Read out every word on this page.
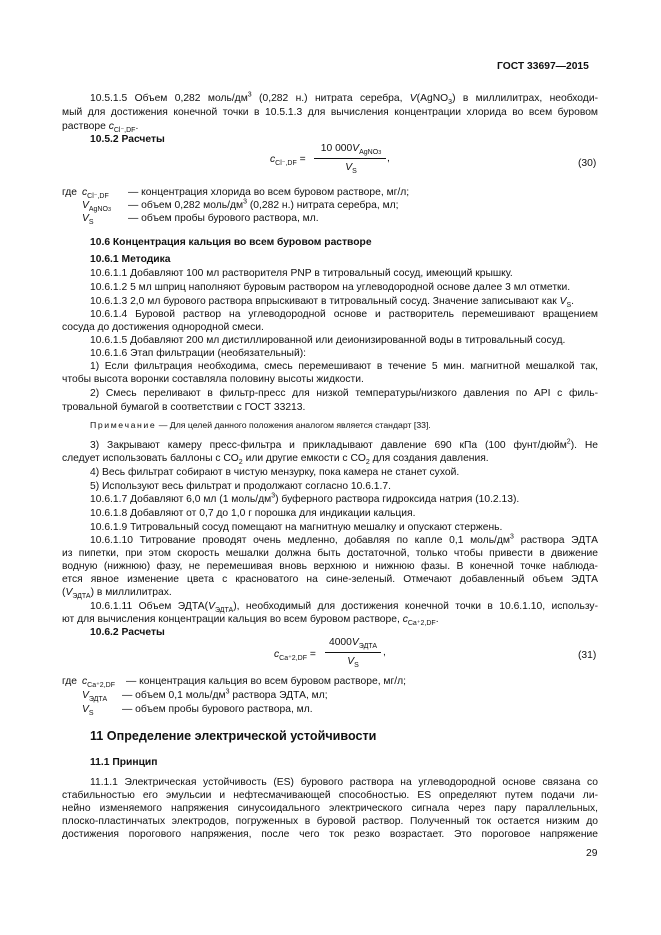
ГОСТ 33697—2015
10.5.1.5 Объем 0,282 моль/$дм^3$ (0,282 н.) нитрата серебра, V(AgNO$_3$) в миллилитрах, необходи-
мый для достижения конечной точки в 10.5.1.3 для вычисления концентрации хлорида во всем буровом
растворе $c_{Cl^-,DF}$.
10.5.2 Расчеты
$c_{Cl^-,DF}$ =
10 $000V_{AgNO3}$
$V_S$
,	(30)
где $c_{Cl^-,DF}$ — концентрация хлорида во всем буровом растворе, мг/л;
$V_{AgNO3}$ — объем 0,282 моль/$дм^3$ (0,282 н.) нитрата серебра, мл;
$V_S$	— объем пробы бурового раствора, мл.
10.6 Концентрация кальция во всем буровом растворе
10.6.1 Методика
10.6.1.1 Добавляют 100 мл растворителя PNP в титровальный сосуд, имеющий крышку.
10.6.1.2 5 мл шприц наполняют буровым раствором на углеводородной основе далее 3 мл отметки.
10.6.1.3 2,0 мл бурового раствора впрыскивают в титровальный сосуд. Значение записывают как $V_S$.
10.6.1.4 Буровой раствор на углеводородной основе и растворитель перемешивают вращением
сосуда до достижения однородной смеси.
10.6.1.5 Добавляют 200 мл дистиллированной или деионизированной воды в титровальный сосуд.
10.6.1.6 Этап фильтрации (необязательный):
1) Если фильтрация необходима, смесь перемешивают в течение 5 мин. магнитной мешалкой так,
чтобы высота воронки составляла половину высоты жидкости.
2) Смесь переливают в фильтр-пресс для низкой температуры/низкого давления по API с филь-
тровальной бумагой в соответствии с ГОСТ 33213.
Примечание — Для целей данного положения аналогом является стандарт [33].
3) Закрывают камеру пресс-фильтра и прикладывают давление 690 кПа (100 фунт/дюйм$^2$). Не
следует использовать баллоны с $CO_2$ или другие емкости с $CO_2$ для создания давления.
4) Весь фильтрат собирают в чистую мензурку, пока камера не станет сухой.
5) Используют весь фильтрат и продолжают согласно 10.6.1.7.
10.6.1.7 Добавляют 6,0 мл (1 моль/$дм^3$) буферного раствора гидроксида натрия (10.2.13).
10.6.1.8 Добавляют от 0,7 до 1,0 г порошка для индикации кальция.
10.6.1.9 Титровальный сосуд помещают на магнитную мешалку и опускают стержень.
10.6.1.10 Титрование проводят очень медленно, добавляя по капле 0,1 моль/$дм^3$ раствора ЭДТА
из пипетки, при этом скорость мешалки должна быть достаточной, только чтобы привести в движение
водную (нижнюю) фазу, не перемешивая вновь верхнюю и нижнюю фазы. В конечной точке наблюда-
ется явное изменение цвета с красноватого на сине-зеленый. Отмечают добавленный объем ЭДТА
$(V_{ЭДТА})$ в миллилитрах.
10.6.1.11 Объем $ЭДТА(V_{ЭДТА})$, необходимый для достижения конечной точки в 10.6.1.10, использу-
ют для вычисления концентрации кальция во всем буровом растворе, $c_{Ca^+2,DF}$.
10.6.2 Расчеты
$c_{Ca^+2,DF}$ =
$4000V_{ЭДТА}$
$V_S$
,	(31)
где $c_{Ca^+2,DF}$ — концентрация кальция во всем буровом растворе, мг/л;
$V_{ЭДТА}$ — объем 0,1 моль/$дм^3$ раствора ЭДТА, мл;
$V_S$	— объем пробы бурового раствора, мл.
11 Определение электрической устойчивости
11.1 Принцип
11.1.1 Электрическая устойчивость (ES) бурового раствора на углеводородной основе связана со
стабильностью его эмульсии и нефтесмачивающей способностью. ES определяют путем подачи ли-
нейно изменяемого напряжения синусоидального электрического сигнала через пару параллельных,
плоско-пластинчатых электродов, погруженных в буровой раствор. Полученный ток остается низким до
достижения порогового напряжения, после чего ток резко возрастает. Это пороговое напряжение
29
